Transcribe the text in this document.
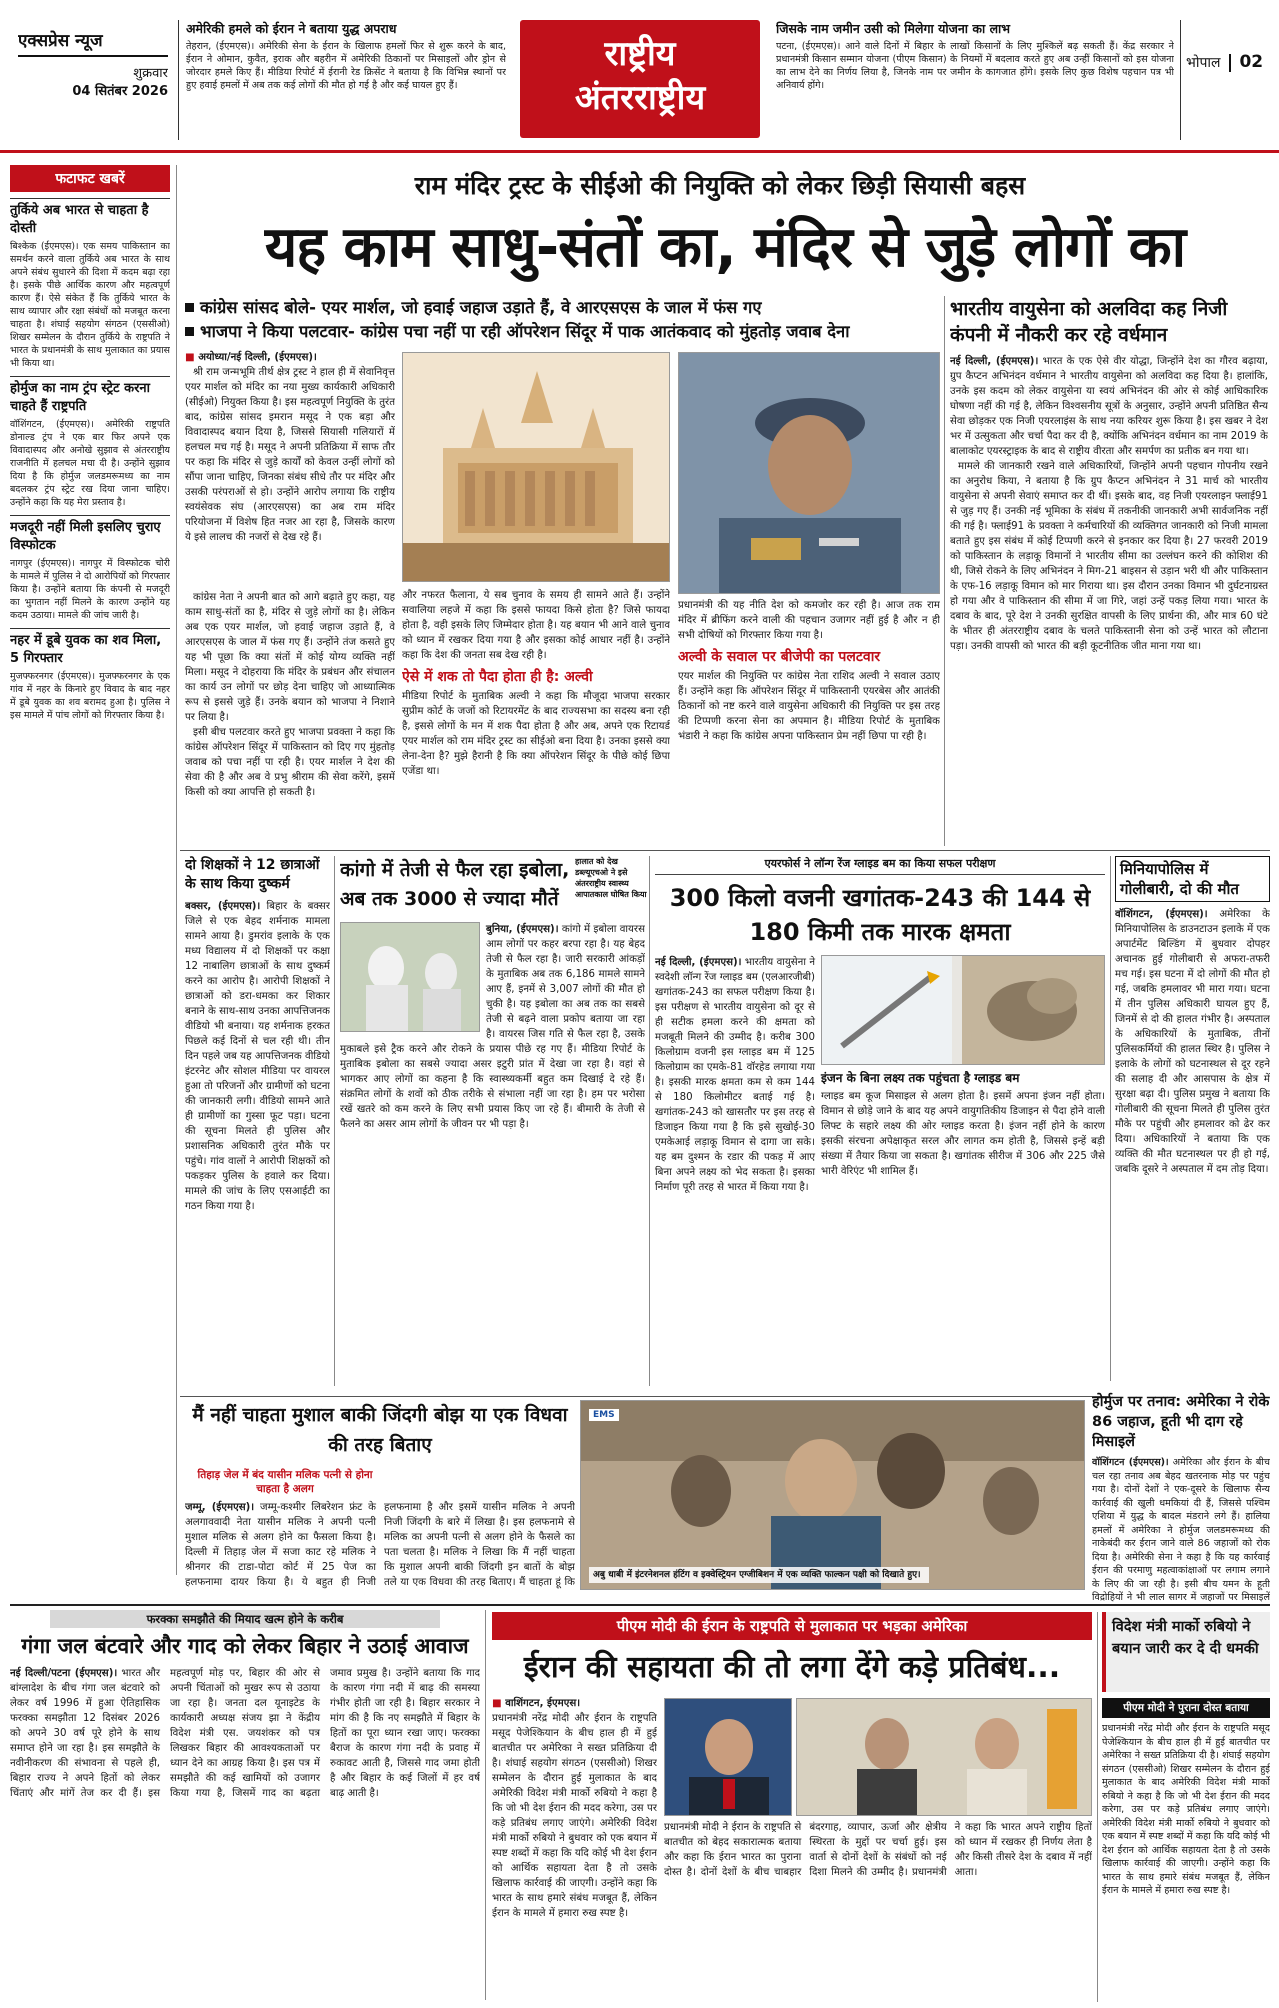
एक्सप्रेस न्यूज
शुक्रवार
04 सितंबर 2026
अमेरिकी हमले को ईरान ने बताया युद्ध अपराध
तेहरान, (ईएमएस)। अमेरिकी सेना के ईरान के खिलाफ हमलों फिर से शुरू करने के बाद, ईरान ने ओमान, कुवैत, इराक और बहरीन में अमेरिकी ठिकानों पर मिसाइलों और ड्रोन से जोरदार हमले किए हैं। मीडिया रिपोर्ट में ईरानी रेड क्रिसेंट ने बताया है कि विभिन्न स्थानों पर हुए हवाई हमलों में अब तक कई लोगों की मौत हो गई है और कई घायल हुए हैं।
राष्ट्रीय
अंतरराष्ट्रीय
जिसके नाम जमीन उसी को मिलेगा योजना का लाभ
पटना, (ईएमएस)। आने वाले दिनों में बिहार के लाखों किसानों के लिए मुश्किलें बढ़ सकती हैं। केंद्र सरकार ने प्रधानमंत्री किसान सम्मान योजना (पीएम किसान) के नियमों में बदलाव करते हुए अब उन्हीं किसानों को इस योजना का लाभ देने का निर्णय लिया है, जिनके नाम पर जमीन के कागजात होंगे। इसके लिए कुछ विशेष पहचान पत्र भी अनिवार्य होंगे।
भोपाल 02
फटाफट खबरें
तुर्किये अब भारत से चाहता है दोस्ती
बिश्केक (ईएमएस)। एक समय पाकिस्तान का समर्थन करने वाला तुर्किये अब भारत के साथ अपने संबंध सुधारने की दिशा में कदम बढ़ा रहा है। इसके पीछे आर्थिक कारण और महत्वपूर्ण कारण हैं। ऐसे संकेत हैं कि तुर्किये भारत के साथ व्यापार और रक्षा संबंधों को मजबूत करना चाहता है। शंघाई सहयोग संगठन (एससीओ) शिखर सम्मेलन के दौरान तुर्किये के राष्ट्रपति ने भारत के प्रधानमंत्री के साथ मुलाकात का प्रयास भी किया था।
होर्मुज का नाम ट्रंप स्ट्रेट करना चाहते हैं राष्ट्रपति
वॉशिंगटन, (ईएमएस)। अमेरिकी राष्ट्रपति डोनाल्ड ट्रंप ने एक बार फिर अपने एक विवादास्पद और अनोखे सुझाव से अंतरराष्ट्रीय राजनीति में हलचल मचा दी है। उन्होंने सुझाव दिया है कि होर्मुज जलडमरूमध्य का नाम बदलकर ट्रंप स्ट्रेट रख दिया जाना चाहिए। उन्होंने कहा कि यह मेरा प्रस्ताव है।
मजदूरी नहीं मिली इसलिए चुराए विस्फोटक
नागपुर (ईएमएस)। नागपुर में विस्फोटक चोरी के मामले में पुलिस ने दो आरोपियों को गिरफ्तार किया है। उन्होंने बताया कि कंपनी से मजदूरी का भुगतान नहीं मिलने के कारण उन्होंने यह कदम उठाया। मामले की जांच जारी है।
नहर में डूबे युवक का शव मिला, 5 गिरफ्तार
मुजफ्फरनगर (ईएमएस)। मुजफ्फरनगर के एक गांव में नहर के किनारे हुए विवाद के बाद नहर में डूबे युवक का शव बरामद हुआ है। पुलिस ने इस मामले में पांच लोगों को गिरफ्तार किया है।
राम मंदिर ट्रस्ट के सीईओ की नियुक्ति को लेकर छिड़ी सियासी बहस
यह काम साधु-संतों का, मंदिर से जुड़े लोगों का
कांग्रेस सांसद बोले- एयर मार्शल, जो हवाई जहाज उड़ाते हैं, वे आरएसएस के जाल में फंस गए
भाजपा ने किया पलटवार- कांग्रेस पचा नहीं पा रही ऑपरेशन सिंदूर में पाक आतंकवाद को मुंहतोड़ जवाब देना
■ अयोध्या/नई दिल्ली, (ईएमएस)।
श्री राम जन्मभूमि तीर्थ क्षेत्र ट्रस्ट ने हाल ही में सेवानिवृत्त एयर मार्शल को मंदिर का नया मुख्य कार्यकारी अधिकारी (सीईओ) नियुक्त किया है। इस महत्वपूर्ण नियुक्ति के तुरंत बाद, कांग्रेस सांसद इमरान मसूद ने एक बड़ा और विवादास्पद बयान दिया है, जिससे सियासी गलियारों में हलचल मच गई है। मसूद ने अपनी प्रतिक्रिया में साफ तौर पर कहा कि मंदिर से जुड़े कार्यों को केवल उन्हीं लोगों को सौंपा जाना चाहिए, जिनका संबंध सीधे तौर पर मंदिर और उसकी परंपराओं से हो। उन्होंने आरोप लगाया कि राष्ट्रीय स्वयंसेवक संघ (आरएसएस) का अब राम मंदिर परियोजना में विशेष हित नजर आ रहा है, जिसके कारण ये इसे लालच की नजरों से देख रहे हैं।
और नफरत फैलाना, ये सब चुनाव के समय ही सामने आते हैं। उन्होंने सवालिया लहजे में कहा कि इससे फायदा किसे होता है? जिसे फायदा होता है, वही इसके लिए जिम्मेदार होता है। यह बयान भी आने वाले चुनाव को ध्यान में रखकर दिया गया है और इसका कोई आधार नहीं है। उन्होंने कहा कि देश की जनता सब देख रही है।
ऐसे में शक तो पैदा होता ही है: अल्वी
मीडिया रिपोर्ट के मुताबिक अल्वी ने कहा कि मौजूदा भाजपा सरकार सुप्रीम कोर्ट के जजों को रिटायरमेंट के बाद राज्यसभा का सदस्य बना रही है, इससे लोगों के मन में शक पैदा होता है और अब, अपने एक रिटायर्ड एयर मार्शल को राम मंदिर ट्रस्ट का सीईओ बना दिया है। उनका इससे क्या लेना-देना है? मुझे हैरानी है कि क्या ऑपरेशन सिंदूर के पीछे कोई छिपा एजेंडा था।
प्रधानमंत्री की यह नीति देश को कमजोर कर रही है। आज तक राम मंदिर में ब्रीफिंग करने वाली की पहचान उजागर नहीं हुई है और न ही सभी दोषियों को गिरफ्तार किया गया है।
अल्वी के सवाल पर बीजेपी का पलटवार
एयर मार्शल की नियुक्ति पर कांग्रेस नेता राशिद अल्वी ने सवाल उठाए हैं। उन्होंने कहा कि ऑपरेशन सिंदूर में पाकिस्तानी एयरबेस और आतंकी ठिकानों को नष्ट करने वाले वायुसेना अधिकारी की नियुक्ति पर इस तरह की टिप्पणी करना सेना का अपमान है। मीडिया रिपोर्ट के मुताबिक भंडारी ने कहा कि कांग्रेस अपना पाकिस्तान प्रेम नहीं छिपा पा रही है।
कांग्रेस नेता ने अपनी बात को आगे बढ़ाते हुए कहा, यह काम साधु-संतों का है, मंदिर से जुड़े लोगों का है। लेकिन अब एक एयर मार्शल, जो हवाई जहाज उड़ाते हैं, वे आरएसएस के जाल में फंस गए हैं। उन्होंने तंज कसते हुए यह भी पूछा कि क्या संतों में कोई योग्य व्यक्ति नहीं मिला। मसूद ने दोहराया कि मंदिर के प्रबंधन और संचालन का कार्य उन लोगों पर छोड़ देना चाहिए जो आध्यात्मिक रूप से इससे जुड़े हैं। उनके बयान को भाजपा ने निशाने पर लिया है।
इसी बीच पलटवार करते हुए भाजपा प्रवक्ता ने कहा कि कांग्रेस ऑपरेशन सिंदूर में पाकिस्तान को दिए गए मुंहतोड़ जवाब को पचा नहीं पा रही है। एयर मार्शल ने देश की सेवा की है और अब वे प्रभु श्रीराम की सेवा करेंगे, इसमें किसी को क्या आपत्ति हो सकती है।
भारतीय वायुसेना को अलविदा कह निजी कंपनी में नौकरी कर रहे वर्धमान
नई दिल्ली, (ईएमएस)। भारत के एक ऐसे वीर योद्धा, जिन्होंने देश का गौरव बढ़ाया, ग्रुप कैप्टन अभिनंदन वर्धमान ने भारतीय वायुसेना को अलविदा कह दिया है। हालांकि, उनके इस कदम को लेकर वायुसेना या स्वयं अभिनंदन की ओर से कोई आधिकारिक घोषणा नहीं की गई है, लेकिन विश्वसनीय सूत्रों के अनुसार, उन्होंने अपनी प्रतिष्ठित सैन्य सेवा छोड़कर एक निजी एयरलाइंस के साथ नया करियर शुरू किया है। इस खबर ने देश भर में उत्सुकता और चर्चा पैदा कर दी है, क्योंकि अभिनंदन वर्धमान का नाम 2019 के बालाकोट एयरस्ट्राइक के बाद से राष्ट्रीय वीरता और समर्पण का प्रतीक बन गया था।
मामले की जानकारी रखने वाले अधिकारियों, जिन्होंने अपनी पहचान गोपनीय रखने का अनुरोध किया, ने बताया है कि ग्रुप कैप्टन अभिनंदन ने 31 मार्च को भारतीय वायुसेना से अपनी सेवाएं समाप्त कर दी थीं। इसके बाद, वह निजी एयरलाइन फ्लाई91 से जुड़ गए हैं। उनकी नई भूमिका के संबंध में तकनीकी जानकारी अभी सार्वजनिक नहीं की गई है। फ्लाई91 के प्रवक्ता ने कर्मचारियों की व्यक्तिगत जानकारी को निजी मामला बताते हुए इस संबंध में कोई टिप्पणी करने से इनकार कर दिया है। 27 फरवरी 2019 को पाकिस्तान के लड़ाकू विमानों ने भारतीय सीमा का उल्लंघन करने की कोशिश की थी, जिसे रोकने के लिए अभिनंदन ने मिग-21 बाइसन से उड़ान भरी थी और पाकिस्तान के एफ-16 लड़ाकू विमान को मार गिराया था। इस दौरान उनका विमान भी दुर्घटनाग्रस्त हो गया और वे पाकिस्तान की सीमा में जा गिरे, जहां उन्हें पकड़ लिया गया। भारत के दबाव के बाद, पूरे देश ने उनकी सुरक्षित वापसी के लिए प्रार्थना की, और मात्र 60 घंटे के भीतर ही अंतरराष्ट्रीय दबाव के चलते पाकिस्तानी सेना को उन्हें भारत को लौटाना पड़ा। उनकी वापसी को भारत की बड़ी कूटनीतिक जीत माना गया था।
दो शिक्षकों ने 12 छात्राओं के साथ किया दुष्कर्म
बक्सर, (ईएमएस)। बिहार के बक्सर जिले से एक बेहद शर्मनाक मामला सामने आया है। डुमरांव इलाके के एक मध्य विद्यालय में दो शिक्षकों पर कक्षा 12 नाबालिग छात्राओं के साथ दुष्कर्म करने का आरोप है। आरोपी शिक्षकों ने छात्राओं को डरा-धमका कर शिकार बनाने के साथ-साथ उनका आपत्तिजनक वीडियो भी बनाया। यह शर्मनाक हरकत पिछले कई दिनों से चल रही थी। तीन दिन पहले जब यह आपत्तिजनक वीडियो इंटरनेट और सोशल मीडिया पर वायरल हुआ तो परिजनों और ग्रामीणों को घटना की जानकारी लगी। वीडियो सामने आते ही ग्रामीणों का गुस्सा फूट पड़ा। घटना की सूचना मिलते ही पुलिस और प्रशासनिक अधिकारी तुरंत मौके पर पहुंचे। गांव वालों ने आरोपी शिक्षकों को पकड़कर पुलिस के हवाले कर दिया। मामले की जांच के लिए एसआईटी का गठन किया गया है।
कांगो में तेजी से फैल रहा इबोला, अब तक 3000 से ज्यादा मौतें
हालात को देख डब्ल्यूएचओ ने इसे अंतरराष्ट्रीय स्वास्थ्य आपातकाल घोषित किया
बुनिया, (ईएमएस)। कांगो में इबोला वायरस आम लोगों पर कहर बरपा रहा है। यह बेहद तेजी से फैल रहा है। जारी सरकारी आंकड़ों के मुताबिक अब तक 6,186 मामले सामने आए हैं, इनमें से 3,007 लोगों की मौत हो चुकी है। यह इबोला का अब तक का सबसे तेजी से बढ़ने वाला प्रकोप बताया जा रहा है। वायरस जिस गति से फैल रहा है, उसके मुकाबले इसे ट्रैक करने और रोकने के प्रयास पीछे रह गए हैं। मीडिया रिपोर्ट के मुताबिक इबोला का सबसे ज्यादा असर इटुरी प्रांत में देखा जा रहा है। वहां से भागकर आए लोगों का कहना है कि स्वास्थ्यकर्मी बहुत कम दिखाई दे रहे हैं। संक्रमित लोगों के शवों को ठीक तरीके से संभाला नहीं जा रहा है। हम पर भरोसा रखें खतरे को कम करने के लिए सभी प्रयास किए जा रहे हैं। बीमारी के तेजी से फैलने का असर आम लोगों के जीवन पर भी पड़ा है।
एयरफोर्स ने लॉन्ग रेंज ग्लाइड बम का किया सफल परीक्षण
300 किलो वजनी खगांतक-243 की 144 से 180 किमी तक मारक क्षमता
नई दिल्ली, (ईएमएस)। भारतीय वायुसेना ने स्वदेशी लॉन्ग रेंज ग्लाइड बम (एलआरजीबी) खगांतक-243 का सफल परीक्षण किया है। इस परीक्षण से भारतीय वायुसेना को दूर से ही सटीक हमला करने की क्षमता को मजबूती मिलने की उम्मीद है। करीब 300 किलोग्राम वजनी इस ग्लाइड बम में 125 किलोग्राम का एमके-81 वॉरहेड लगाया गया है। इसकी मारक क्षमता कम से कम 144 से 180 किलोमीटर बताई गई है। खगांतक-243 को खासतौर पर इस तरह से डिजाइन किया गया है कि इसे सुखोई-30 एमकेआई लड़ाकू विमान से दागा जा सके। यह बम दुश्मन के रडार की पकड़ में आए बिना अपने लक्ष्य को भेद सकता है। इसका निर्माण पूरी तरह से भारत में किया गया है।
इंजन के बिना लक्ष्य तक पहुंचता है ग्लाइड बम
ग्लाइड बम कूज मिसाइल से अलग होता है। इसमें अपना इंजन नहीं होता। विमान से छोड़े जाने के बाद यह अपने वायुगतिकीय डिजाइन से पैदा होने वाली लिफ्ट के सहारे लक्ष्य की ओर ग्लाइड करता है। इंजन नहीं होने के कारण इसकी संरचना अपेक्षाकृत सरल और लागत कम होती है, जिससे इन्हें बड़ी संख्या में तैयार किया जा सकता है। खगांतक सीरीज में 306 और 225 जैसे भारी वेरिएंट भी शामिल हैं।
मिनियापोलिस में गोलीबारी, दो की मौत
वॉशिंगटन, (ईएमएस)। अमेरिका के मिनियापोलिस के डाउनटाउन इलाके में एक अपार्टमेंट बिल्डिंग में बुधवार दोपहर अचानक हुई गोलीबारी से अफरा-तफरी मच गई। इस घटना में दो लोगों की मौत हो गई, जबकि हमलावर भी मारा गया। घटना में तीन पुलिस अधिकारी घायल हुए हैं, जिनमें से दो की हालत गंभीर है। अस्पताल के अधिकारियों के मुताबिक, तीनों पुलिसकर्मियों की हालत स्थिर है। पुलिस ने इलाके के लोगों को घटनास्थल से दूर रहने की सलाह दी और आसपास के क्षेत्र में सुरक्षा बढ़ा दी। पुलिस प्रमुख ने बताया कि गोलीबारी की सूचना मिलते ही पुलिस तुरंत मौके पर पहुंची और हमलावर को ढेर कर दिया। अधिकारियों ने बताया कि एक व्यक्ति की मौत घटनास्थल पर ही हो गई, जबकि दूसरे ने अस्पताल में दम तोड़ दिया।
मैं नहीं चाहता मुशाल बाकी जिंदगी बोझ या एक विधवा की तरह बिताए
तिहाड़ जेल में बंद यासीन मलिक पत्नी से होना चाहता है अलग
जम्मू, (ईएमएस)। जम्मू-कश्मीर लिबरेशन फ्रंट के अलगाववादी नेता यासीन मलिक ने अपनी पत्नी मुशाल मलिक से अलग होने का फैसला किया है। दिल्ली में तिहाड़ जेल में सजा काट रहे मलिक ने श्रीनगर की टाडा-पोटा कोर्ट में 25 पेज का हलफनामा दायर किया है। ये बहुत ही निजी हलफनामा है और इसमें यासीन मलिक ने अपनी निजी जिंदगी के बारे में लिखा है। इस हलफनामे से मलिक का अपनी पत्नी से अलग होने के फैसले का पता चलता है। मलिक ने लिखा कि मैं नहीं चाहता कि मुशाल अपनी बाकी जिंदगी इन बातों के बोझ तले या एक विधवा की तरह बिताए। मैं चाहता हूं कि
EMS
अबु धाबी में इंटरनेशनल हंटिंग व इक्वेस्ट्रियन एग्जीबिशन में एक व्यक्ति फाल्कन पक्षी को दिखाते हुए।
होर्मुज पर तनाव: अमेरिका ने रोके 86 जहाज, हूती भी दाग रहे मिसाइलें
वॉशिंगटन (ईएमएस)। अमेरिका और ईरान के बीच चल रहा तनाव अब बेहद खतरनाक मोड़ पर पहुंच गया है। दोनों देशों ने एक-दूसरे के खिलाफ सैन्य कार्रवाई की खुली धमकियां दी हैं, जिससे पश्चिम एशिया में युद्ध के बादल मंडराने लगे हैं। हालिया हमलों में अमेरिका ने होर्मुज जलडमरूमध्य की नाकेबंदी कर ईरान जाने वाले 86 जहाजों को रोक दिया है। अमेरिकी सेना ने कहा है कि यह कार्रवाई ईरान की परमाणु महत्वाकांक्षाओं पर लगाम लगाने के लिए की जा रही है। इसी बीच यमन के हूती विद्रोहियों ने भी लाल सागर में जहाजों पर मिसाइलें
फरक्का समझौते की मियाद खत्म होने के करीब
गंगा जल बंटवारे और गाद को लेकर बिहार ने उठाई आवाज
नई दिल्ली/पटना (ईएमएस)। भारत और बांग्लादेश के बीच गंगा जल बंटवारे को लेकर वर्ष 1996 में हुआ ऐतिहासिक फरक्का समझौता 12 दिसंबर 2026 को अपने 30 वर्ष पूरे होने के साथ समाप्त होने जा रहा है। इस समझौते के नवीनीकरण की संभावना से पहले ही, बिहार राज्य ने अपने हितों को लेकर चिंताएं और मांगें तेज कर दी हैं। इस महत्वपूर्ण मोड़ पर, बिहार की ओर से अपनी चिंताओं को मुखर रूप से उठाया जा रहा है। जनता दल यूनाइटेड के कार्यकारी अध्यक्ष संजय झा ने केंद्रीय विदेश मंत्री एस. जयशंकर को पत्र लिखकर बिहार की आवश्यकताओं पर ध्यान देने का आग्रह किया है। इस पत्र में समझौते की कई खामियों को उजागर किया गया है, जिसमें गाद का बढ़ता जमाव प्रमुख है। उन्होंने बताया कि गाद के कारण गंगा नदी में बाढ़ की समस्या गंभीर होती जा रही है। बिहार सरकार ने मांग की है कि नए समझौते में बिहार के हितों का पूरा ध्यान रखा जाए। फरक्का बैराज के कारण गंगा नदी के प्रवाह में रुकावट आती है, जिससे गाद जमा होती है और बिहार के कई जिलों में हर वर्ष बाढ़ आती है।
पीएम मोदी की ईरान के राष्ट्रपति से मुलाकात पर भड़का अमेरिका
ईरान की सहायता की तो लगा देंगे कड़े प्रतिबंध...
■ वाशिंगटन, ईएमएस।
प्रधानमंत्री नरेंद्र मोदी और ईरान के राष्ट्रपति मसूद पेजेश्कियान के बीच हाल ही में हुई बातचीत पर अमेरिका ने सख्त प्रतिक्रिया दी है। शंघाई सहयोग संगठन (एससीओ) शिखर सम्मेलन के दौरान हुई मुलाकात के बाद अमेरिकी विदेश मंत्री मार्को रुबियो ने कहा है कि जो भी देश ईरान की मदद करेगा, उस पर कड़े प्रतिबंध लगाए जाएंगे। अमेरिकी विदेश मंत्री मार्को रुबियो ने बुधवार को एक बयान में स्पष्ट शब्दों में कहा कि यदि कोई भी देश ईरान को आर्थिक सहायता देता है तो उसके खिलाफ कार्रवाई की जाएगी। उन्होंने कहा कि भारत के साथ हमारे संबंध मजबूत हैं, लेकिन ईरान के मामले में हमारा रुख स्पष्ट है।
प्रधानमंत्री मोदी ने ईरान के राष्ट्रपति से बातचीत को बेहद सकारात्मक बताया और कहा कि ईरान भारत का पुराना दोस्त है। दोनों देशों के बीच चाबहार बंदरगाह, व्यापार, ऊर्जा और क्षेत्रीय स्थिरता के मुद्दों पर चर्चा हुई। इस वार्ता से दोनों देशों के संबंधों को नई दिशा मिलने की उम्मीद है। प्रधानमंत्री ने कहा कि भारत अपने राष्ट्रीय हितों को ध्यान में रखकर ही निर्णय लेता है और किसी तीसरे देश के दबाव में नहीं आता।
विदेश मंत्री मार्को रुबियो ने बयान जारी कर दे दी धमकी
पीएम मोदी ने पुराना दोस्त बताया
प्रधानमंत्री नरेंद्र मोदी और ईरान के राष्ट्रपति मसूद पेजेश्कियान के बीच हाल ही में हुई बातचीत पर अमेरिका ने सख्त प्रतिक्रिया दी है। शंघाई सहयोग संगठन (एससीओ) शिखर सम्मेलन के दौरान हुई मुलाकात के बाद अमेरिकी विदेश मंत्री मार्को रुबियो ने कहा है कि जो भी देश ईरान की मदद करेगा, उस पर कड़े प्रतिबंध लगाए जाएंगे। अमेरिकी विदेश मंत्री मार्को रुबियो ने बुधवार को एक बयान में स्पष्ट शब्दों में कहा कि यदि कोई भी देश ईरान को आर्थिक सहायता देता है तो उसके खिलाफ कार्रवाई की जाएगी। उन्होंने कहा कि भारत के साथ हमारे संबंध मजबूत हैं, लेकिन ईरान के मामले में हमारा रुख स्पष्ट है।
